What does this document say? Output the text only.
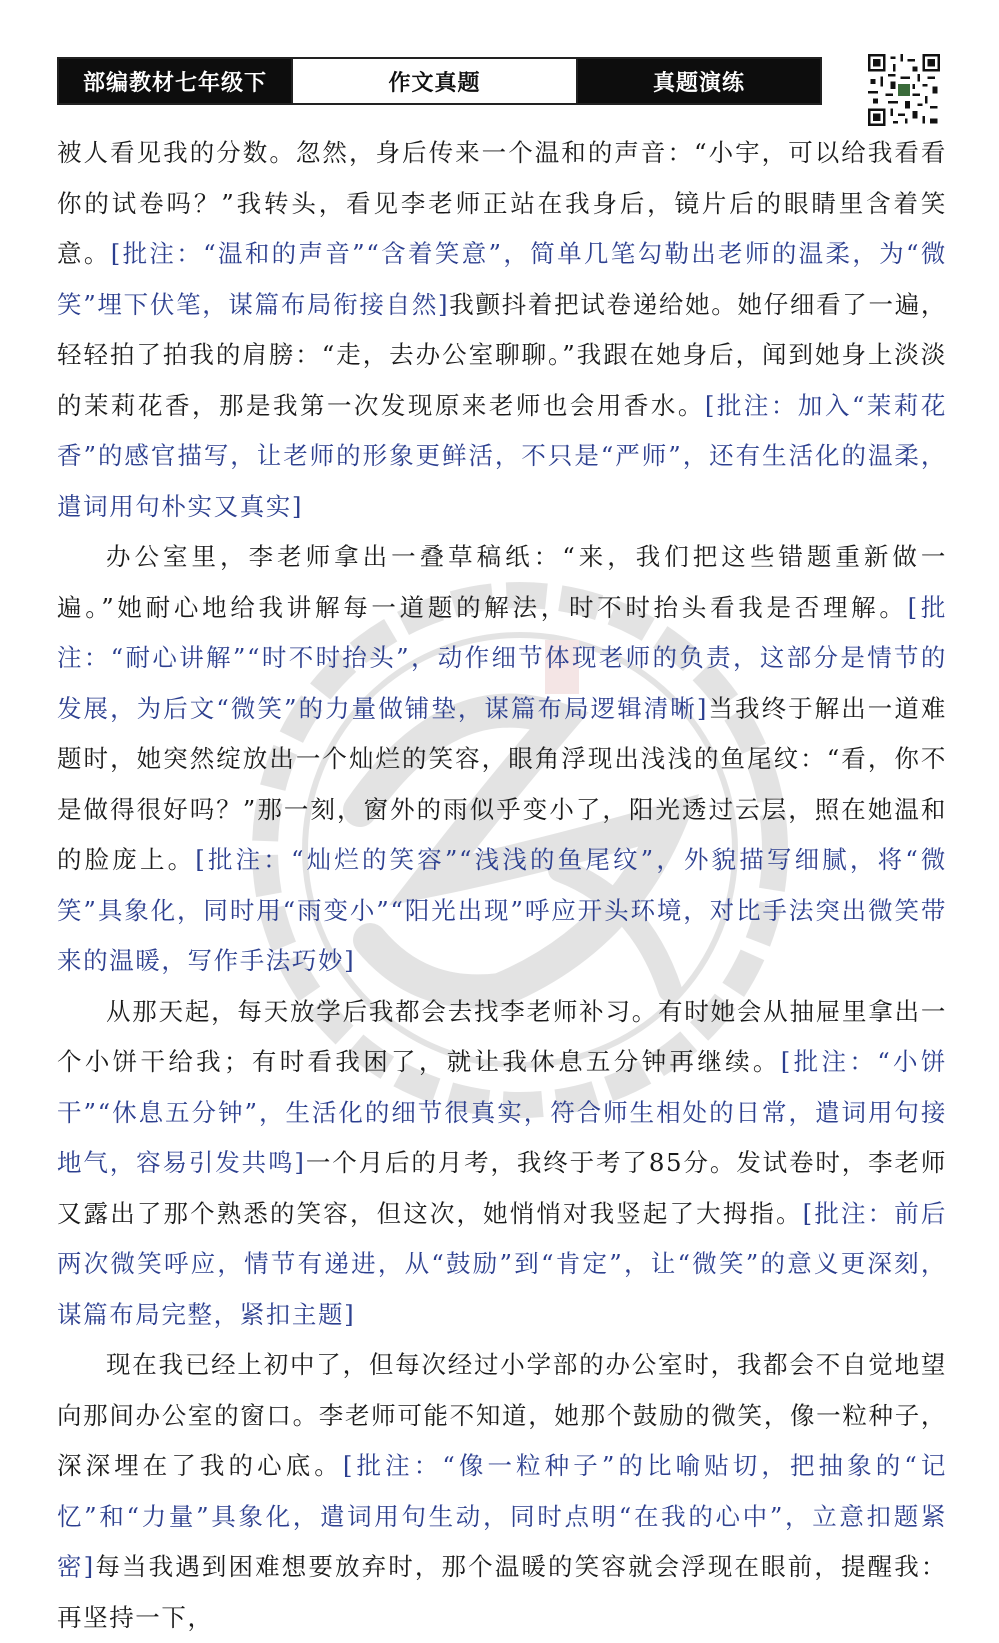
部编教材七年级下	作文真题	真题演练

被人看见我的分数。忽然，身后传来一个温和的声音：“小宇，可以给我看看你的试卷吗？”我转头，看见李老师正站在我身后，镜片后的眼睛里含着笑意。[批注：“温和的声音”“含着笑意”，简单几笔勾勒出老师的温柔，为“微笑”埋下伏笔，谋篇布局衔接自然]我颤抖着把试卷递给她。她仔细看了一遍，轻轻拍了拍我的肩膀：“走，去办公室聊聊。”我跟在她身后，闻到她身上淡淡的茉莉花香，那是我第一次发现原来老师也会用香水。[批注：加入“茉莉花香”的感官描写，让老师的形象更鲜活，不只是“严师”，还有生活化的温柔，遣词用句朴实又真实]

办公室里，李老师拿出一叠草稿纸：“来，我们把这些错题重新做一遍。”她耐心地给我讲解每一道题的解法，时不时抬头看我是否理解。[批注：“耐心讲解”“时不时抬头”，动作细节体现老师的负责，这部分是情节的发展，为后文“微笑”的力量做铺垫，谋篇布局逻辑清晰]当我终于解出一道难题时，她突然绽放出一个灿烂的笑容，眼角浮现出浅浅的鱼尾纹：“看，你不是做得很好吗？”那一刻，窗外的雨似乎变小了，阳光透过云层，照在她温和的脸庞上。[批注：“灿烂的笑容”“浅浅的鱼尾纹”，外貌描写细腻，将“微笑”具象化，同时用“雨变小”“阳光出现”呼应开头环境，对比手法突出微笑带来的温暖，写作手法巧妙]

从那天起，每天放学后我都会去找李老师补习。有时她会从抽屉里拿出一个小饼干给我；有时看我困了，就让我休息五分钟再继续。[批注：“小饼干”“休息五分钟”，生活化的细节很真实，符合师生相处的日常，遣词用句接地气，容易引发共鸣]一个月后的月考，我终于考了85分。发试卷时，李老师又露出了那个熟悉的笑容，但这次，她悄悄对我竖起了大拇指。[批注：前后两次微笑呼应，情节有递进，从“鼓励”到“肯定”，让“微笑”的意义更深刻，谋篇布局完整，紧扣主题]

现在我已经上初中了，但每次经过小学部的办公室时，我都会不自觉地望向那间办公室的窗口。李老师可能不知道，她那个鼓励的微笑，像一粒种子，深深埋在了我的心底。[批注：“像一粒种子”的比喻贴切，把抽象的“记忆”和“力量”具象化，遣词用句生动，同时点明“在我的心中”，立意扣题紧密]每当我遇到困难想要放弃时，那个温暖的笑容就会浮现在眼前，提醒我：再坚持一下，
